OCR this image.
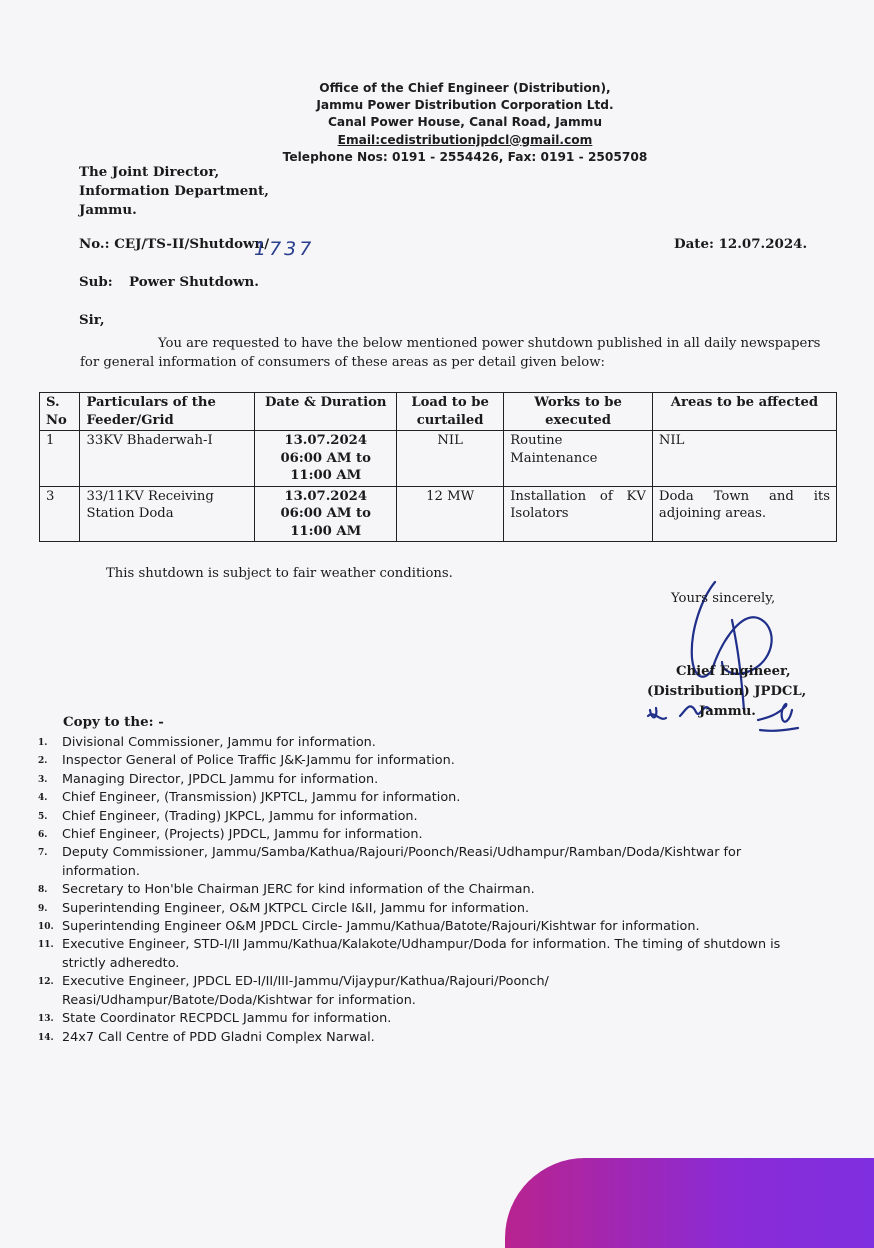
Office of the Chief Engineer (Distribution),
Jammu Power Distribution Corporation Ltd.
Canal Power House, Canal Road, Jammu
Email:cedistributionjpdcl@gmail.com
Telephone Nos: 0191 - 2554426, Fax: 0191 - 2505708
The Joint Director,
Information Department,
Jammu.
No.: CEJ/TS-II/Shutdown/
1737	Date: 12.07.2024.
Sub: Power Shutdown.
Sir,
You are requested to have the below mentioned power shutdown published in all daily newspapers for general information of consumers of these areas as per detail given below:
S. No	Particulars of the Feeder/Grid	Date & Duration	Load to be curtailed	Works to be executed	Areas to be affected
1	33KV Bhaderwah-I	13.07.2024
06:00 AM to
11:00 AM	NIL	Routine Maintenance	NIL
3	33/11KV Receiving Station Doda	13.07.2024
06:00 AM to
11:00 AM	12 MW	Installation of KV Isolators	Doda Town and its adjoining areas.
This shutdown is subject to fair weather conditions.
Yours sincerely,
Chief Engineer,
(Distribution) JPDCL,
Jammu.
Copy to the: -
1. Divisional Commissioner, Jammu for information.
2. Inspector General of Police Traffic J&K-Jammu for information.
3. Managing Director, JPDCL Jammu for information.
4. Chief Engineer, (Transmission) JKPTCL, Jammu for information.
5. Chief Engineer, (Trading) JKPCL, Jammu for information.
6. Chief Engineer, (Projects) JPDCL, Jammu for information.
7. Deputy Commissioner, Jammu/Samba/Kathua/Rajouri/Poonch/Reasi/Udhampur/Ramban/Doda/Kishtwar for information.
8. Secretary to Hon'ble Chairman JERC for kind information of the Chairman.
9. Superintending Engineer, O&M JKTPCL Circle I&II, Jammu for information.
10. Superintending Engineer O&M JPDCL Circle- Jammu/Kathua/Batote/Rajouri/Kishtwar for information.
11. Executive Engineer, STD-I/II Jammu/Kathua/Kalakote/Udhampur/Doda for information. The timing of shutdown is strictly adheredto.
12. Executive Engineer, JPDCL ED-I/II/III-Jammu/Vijaypur/Kathua/Rajouri/Poonch/ Reasi/Udhampur/Batote/Doda/Kishtwar for information.
13. State Coordinator RECPDCL Jammu for information.
14. 24x7 Call Centre of PDD Gladni Complex Narwal.
